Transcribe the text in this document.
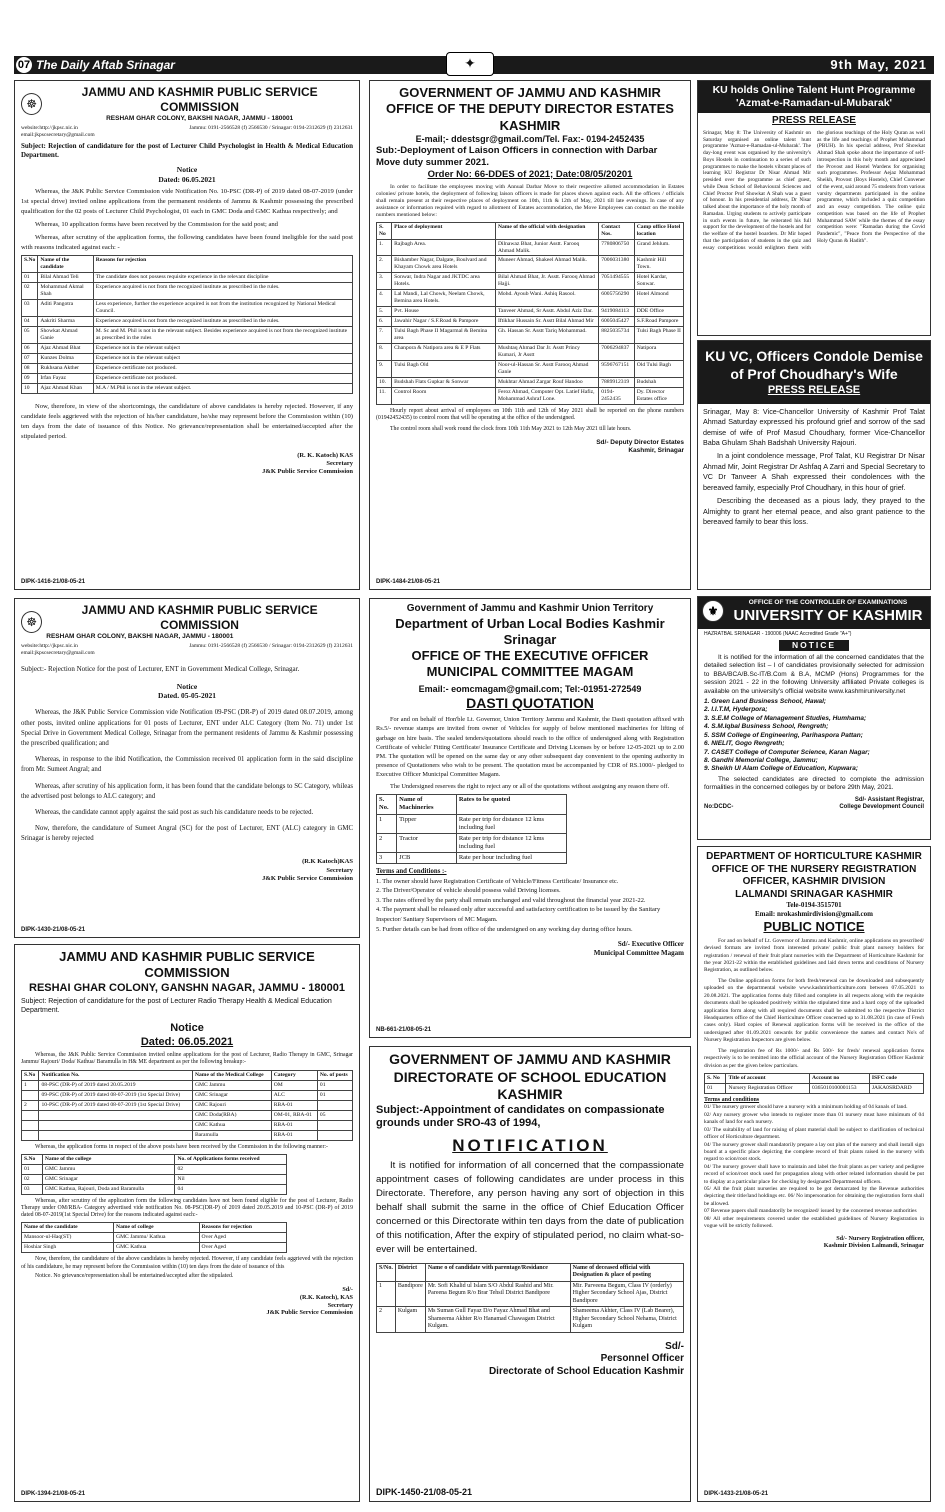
07 The Daily Aftab Srinagar	✦	9th May, 2021
☸
JAMMU AND KASHMIR PUBLIC SERVICE COMMISSION
RESHAM GHAR COLONY, BAKSHI NAGAR, JAMMU - 180001
website:http://jkpsc.nic.in
email:jkpscsecretary@gmail.com
Jammu: 0191-2566528 (f) 2566530 / Srinagar: 0194-2312629 (f) 2312631
Subject: Rejection of candidature for the post of Lecturer Child Psychologist in Health & Medical Education Department.
Notice
Dated: 06.05.2021
Whereas, the J&K Public Service Commission vide Notification No. 10-PSC (DR-P) of 2019 dated 08-07-2019 (under 1st special drive) invited online applications from the permanent residents of Jammu & Kashmir possessing the prescribed qualification for the 02 posts of Lecturer Child Psychologist, 01 each in GMC Doda and GMC Kathua respectively; and
Whereas, 10 application forms have been received by the Commission for the said post; and
Whereas, after scrutiny of the application forms, the following candidates have been found ineligible for the said post with reasons indicated against each: -
S.No	Name of the candidate	Reasons for rejection
01	Bilal Ahmad Teli	The candidate does not possess requisite experience in the relevant discipline
02	Mohammad Akmal Shah	Experience acquired is not from the recognized institute as prescribed in the rules.
03	Aditi Pangotra	Less experience, further the experience acquired is not from the institution recognized by National Medical Council.
04	Aakriti Sharma	Experience acquired is not from the recognized institute as prescribed in the rules.
05	Showkat Ahmad Ganie	M. Sc and M. Phil is not in the relevant subject. Besides experience acquired is not from the recognized institute as prescribed in the rules
06	Ajaz Ahmad Bhat	Experience not in the relevant subject
07	Kunzes Dolma	Experience not in the relevant subject
08	Rukhsana Akther	Experience certificate not produced.
09	Irfan Fayaz	Experience certificate not produced.
10	Ajaz Ahmad Khan	M.A / M.Phil is not in the relevant subject.
Now, therefore, in view of the shortcomings, the candidature of above candidates is hereby rejected. However, if any candidate feels aggrieved with the rejection of his/her candidature, he/she may represent before the Commission within (10) ten days from the date of issuance of this Notice. No grievance/representation shall be entertained/accepted after the stipulated period.
(R. K. Katoch) KAS
Secretary
J&K Public Service Commission
DIPK-1416-21/08-05-21
GOVERNMENT OF JAMMU AND KASHMIR
OFFICE OF THE DEPUTY DIRECTOR ESTATES KASHMIR
E-mail;- ddestsgr@gmail.com/Tel. Fax:- 0194-2452435
Sub:-Deployment of Laison Officers in connection with Darbar Move duty summer 2021.
Order No: 66-DDES of 2021; Date:08/05/20201
In order to facilitate the employees moving with Annual Darbar Move to their respective allotted accommodation in Estates colonies/ private hotels, the deployment of following laison officers is made for places shown against each. All the officers / officials shall remain present at their respective places of deployment on 10th, 11th & 12th of May, 2021 till late evenings. In case of any assistance or information required with regard to allotment of Estates accommodation, the Move Employees can contact on the mobile numbers mentioned below:
S. No	Place of deployment	Name of the official with designation	Contact Nos.	Camp office Hotel location
1.	Rajbagh Area.	Dilnawaz Bhat, Junior Asstt. Farooq Ahmad Malik.	7780806750	Grand Jehlum.
2.	Bishamber Nagar, Dalgate, Boulvard and Khayam Chowk area Hotels	Muneer Ahmad, Shakeel Ahmad Malik.	7006031380	Kashmir Hill Town.
3.	Sonwar, Indra Nagar and JKTDC area Hotels.	Bilal Ahmad Bhat, Jr. Asstt. Farooq Ahmad Hajji.	7051494555	Hotel Kardar, Sonwar.
4.	Lal Mandi, Lal Chowk, Neelam Chowk, Bemina area Hotels.	Mohd. Ayoub Wani. Ashiq Rasool.	6005756290	Hotel Almond
5.	Pvt. House	Tanveer Ahmad, Sr Asstt. Abdul Aziz Dar.	9419084113	DDE Office
6.	Jawahir Nagar / S.F.Road & Pampore	Iftikhar Hussain Sr. Asstt Bilal Ahmad Mir	6005045427	S.F.Road Pampore
7.	Tulsi Bagh Phase II Magarmal & Bemina area	Gh. Hassan Sr. Asstt Tariq Mohammad.	8825035734	Tulsi Bagh Phase II
8.	Chanpora & Natipora area & E P Flats	Mushtaq Ahmad Dar Jr. Asstt Princy Kumari, Jr Asstt	7006294837	Natipora
9.	Tulsi Bagh Old	Noor-ul-Hassan Sr. Asstt Farooq Ahmad Ganie	9596767151	Old Tulsi Bagh
10.	Budshah Flats Gupkar & Sonwar	Mukhtar Ahmad Zargar Rouf Handoo	7889912319	Budshah
11.	Control Room	Feroz Ahmad, Computer Opt. Latief Hafiz, Mohammad Ashraf Lone.	0194-2452435	Dy. Director Estates office
Hourly report about arrival of employees on 10th 11th and 12th of May 2021 shall be reported on the phone numbers (01942452435) to control room that will be operating at the office of the undersigned.
The control room shall work round the clock from 10th 11th May 2021 to 12th May 2021 till late hours.
Sd/- Deputy Director Estates
Kashmir, Srinagar
DIPK-1484-21/08-05-21
KU holds Online Talent Hunt Programme
'Azmat-e-Ramadan-ul-Mubarak'
PRESS RELEASE
Srinagar, May 8: The University of Kashmir on Saturday organised an online talent hunt programme 'Azmat-e-Ramadan-ul-Mubarak'. The day-long event was organised by the university's Boys Hostels in continuation to a series of such programmes to make the hostels vibrant places of learning KU Registrar Dr Nisar Ahmad Mir presided over the programme as chief guest, while Dean School of Behavioural Sciences and Chief Proctor Prof Showkat A Shah was a guest of honour. In his presidential address, Dr Nisar talked about the importance of the holy month of Ramadan. Urging students to actively participate in such events in future, he reiterated his full support for the development of the hostels and for the welfare of the hostel boarders. Dr Mir hoped that the participation of students in the quiz and essay competitions would enlighten them with the glorious teachings of the Holy Quran as well as the life and teachings of Prophet Mohammad (PBUH). In his special address, Prof Showkat Ahmad Shah spoke about the importance of self-introspection in this holy month and appreciated the Provost and Hostel Wardens for organising such programmes. Professor Aejaz Mohammad Sheikh, Provost (Boys Hostels), Chief Convener of the event, said around 75 students from various varsity departments participated in the online programme, which included a quiz competition and an essay competition. The online quiz competition was based on the life of Prophet Muhammad SAW while the themes of the essay competition were: "Ramadan during the Covid Pandemic", "Peace from the Perspective of the Holy Quran & Hadith".
KU VC, Officers Condole Demise
of Prof Choudhary's Wife
PRESS RELEASE
Srinagar, May 8: Vice-Chancellor University of Kashmir Prof Talat Ahmad Saturday expressed his profound grief and sorrow of the sad demise of wife of Prof Masud Choudhary, former Vice-Chancellor Baba Ghulam Shah Badshah University Rajouri.
In a joint condolence message, Prof Talat, KU Registrar Dr Nisar Ahmad Mir, Joint Registrar Dr Ashfaq A Zarri and Special Secretary to VC Dr Tanveer A Shah expressed their condolences with the bereaved family, especially Prof Choudhary, in this hour of grief.
Describing the deceased as a pious lady, they prayed to the Almighty to grant her eternal peace, and also grant patience to the bereaved family to bear this loss.
☸
JAMMU AND KASHMIR PUBLIC SERVICE COMMISSION
RESHAM GHAR COLONY, BAKSHI NAGAR, JAMMU - 180001
website:http://jkpsc.nic.in
email:jkpscsecretary@gmail.com
Jammu: 0191-2566528 (f) 2566530 / Srinagar: 0194-2312629 (f) 2312631
Subject:- Rejection Notice for the post of Lecturer, ENT in Government Medical College, Srinagar.
Notice
Dated. 05-05-2021
Whereas, the J&K Public Service Commission vide Notification 09-PSC (DR-P) of 2019 dated 08.07.2019, among other posts, invited online applications for 01 posts of Lecturer, ENT under ALC Category (Item No. 71) under 1st Special Drive in Government Medical College, Srinagar from the permanent residents of Jammu & Kashmir possessing the prescribed qualification; and
Whereas, in response to the ibid Notification, the Commission received 01 application form in the said discipline from Mr. Sumeet Angral; and
Whereas, after scrutiny of his application form, it has been found that the candidate belongs to SC Category, whileas the advertised post belongs to ALC category; and
Whereas, the candidate cannot apply against the said post as such his candidature needs to be rejected.
Now, therefore, the candidature of Sumeet Angral (SC) for the post of Lecturer, ENT (ALC) category in GMC Srinagar is hereby rejected
(R.K Katoch)KAS
Secretary
J&K Public Service Commission
DIPK-1430-21/08-05-21
Government of Jammu and Kashmir Union Territory
Department of Urban Local Bodies Kashmir Srinagar
OFFICE OF THE EXECUTIVE OFFICER MUNICIPAL COMMITTEE MAGAM
Email:- eomcmagam@gmail.com; Tel:-01951-272549
DASTI QUOTATION
For and on behalf of Hon'ble Lt. Governor, Union Territory Jammu and Kashmir, the Dasti quotation affixed with Rs.5/- revenue stamps are invited from owner of Vehicles for supply of below mentioned machineries for lifting of garbage on hire basis. The sealed tenders/quotations should reach to the office of undersigned along with Registration Certificate of vehicle/ Fitting Certificate/ Insurance Certificate and Driving Licenses by or before 12-05-2021 up to 2.00 PM. The quotation will be opened on the same day or any other subsequent day convenient to the opening authority in presence of Quotationers who wish to be present. The quotation must be accompanied by CDR of RS.1000/- pledged to Executive Officer Municipal Committee Magam.
The Undersigned reserves the right to reject any or all of the quotations without assigning any reason there off.
S. No.	Name of Machineries	Rates to be quoted
1	Tipper	Rate per trip for distance 12 kms including fuel
2	Tractor	Rate per trip for distance 12 kms including fuel
3	JCB	Rate per hour including fuel
Terms and Conditions :-
1. The owner should have Registration Certificate of Vehicle/Fitness Certificate/ Insurance etc.
2. The Driver/Operator of vehicle should possess valid Driving licenses.
3. The rates offered by the party shall remain unchanged and valid throughout the financial year 2021-22.
4. The payment shall be released only after successful and satisfactory certification to be issued by the Sanitary Inspector/ Sanitary Supervisors of MC Magam.
5. Further details can be had from office of the undersigned on any working day during office hours.
Sd/- Executive Officer
Municipal Committee Magam
NB-661-21/08-05-21
⚜
OFFICE OF THE CONTROLLER OF EXAMINATIONS
UNIVERSITY OF KASHMIR
HAZRATBAL SRINAGAR - 190006 (NAAC Accredited Grade "A+")
NOTICE
It is notified for the information of all the concerned candidates that the detailed selection list – I of candidates provisionally selected for admission to BBA/BCA/B.Sc-IT/B.Com & B.A, MCMP (Hons) Programmes for the session 2021 - 22 in the following University affiliated Private colleges is available on the university's official website www.kashmiruniversity.net
1. Green Land Business School, Hawal;
2. I.I.T.M, Hyderpora;
3. S.E.M College of Management Studies, Humhama;
4. S.M.Iqbal Business School, Rengreth;
5. SSM College of Engineering, Parihaspora Pattan;
6. NIELIT, Gogo Rengreth;
7. CASET College of Computer Science, Karan Nagar;
8. Gandhi Memorial College, Jammu;
9. Sheikh Ul Alam College of Education, Kupwara;
The selected candidates are directed to complete the admission formalities in the concerned colleges by or before 29th May, 2021.
Sd/- Assistant Registrar,
No:DCDC-	College Development Council
DEPARTMENT OF HORTICULTURE KASHMIR
OFFICE OF THE NURSERY REGISTRATION OFFICER, KASHMIR DIVISION
LALMANDI SRINAGAR KASHMIR
Tele-0194-3515701
Email: nrokashmirdivision@gmail.com
PUBLIC NOTICE
For and on behalf of Lt. Governor of Jammu and Kashmir, online applications on prescribed/ devised formats are invited from interested private/ public fruit plant nursery holders for registration / renewal of their fruit plant nurseries with the Department of Horticulture Kashmir for the year 2021-22 within the established guidelines and laid down terms and conditions of Nursery Registration, as outlined below.
The Online application forms for both fresh/renewal can be downloaded and subsequently uploaded on the departmental website www.kashmirhorticulture.com between 07.05.2021 to 20.08.2021. The application forms duly filled and complete in all respects along with the requisite documents shall be uploaded positively within the stipulated time and a hard copy of the uploaded application form along with all required documents shall be submitted to the respective District Headquarters office of the Chief Horticulture Officer concerned up to 31.08.2021 (in case of Fresh cases only). Hard copies of Renewal application forms will be received in the office of the undersigned after 01.09.2021 onwards for public convenience the names and contact No's of Nursery Registration Inspectors are given below.
The registration fee of Rs 1000/- and Rs 500/- for fresh/ renewal application forms respectively is to be remitted into the official account of the Nursery Registration Officer Kashmir division as per the given below particulars.
S. No	Title of account	Account no	ISFC code
01	Nursery Registration Officer	0365010100001153	JAKA0SRDARD
Terms and conditions
01/ The nursery grower should have a nursery with a minimum holding of 04 kanals of land.
02/ Any nursery grower who intends to register more than 01 nursery must have minimum of 04 kanals of land for each nursery.
03/ The suitability of land for raising of plant material shall be subject to clarification of technical officer of Horticulture department.
04/ The nursery grower shall mandatorily prepare a lay out plan of the nursery and shall install sign board at a specific place depicting the complete record of fruit plants raised in the nursery with regard to scion/root stock.
04/ The nursery grower shall have to maintain and label the fruit plants as per variety and pedigree record of scion/root stock used for propagation along with other related information should be put to display at a particular place for checking by designated Departmental officers.
05/ All the fruit plant nurseries are required to be got demarcated by the Revenue authorities depicting their title/land holdings etc. 06/ No impersonation for obtaining the registration form shall be allowed.
07 Revenue papers shall mandatorily be recognized/ issued by the concerned revenue authorities
08/ All other requirements covered under the established guidelines of Nursery Registration in vogue will be strictly followed.
Sd/- Nursery Registration officer,
Kashmir Division Lalmandi, Srinagar
DIPK-1433-21/08-05-21
JAMMU AND KASHMIR PUBLIC SERVICE COMMISSION
RESHAI GHAR COLONY, GANSHN NAGAR, JAMMU - 180001
Subject: Rejection of candidature for the post of Lecturer Radio Therapy Health & Medical Education Department.
Notice
Dated: 06.05.2021
Whereas, the J&K Public Service Commission invited online applications for the post of Lecturer, Radio Therapy in GMC, Srinagar Jammu/ Rajouri/ Doda/ Kathua/ Baramulla in H& ME department as per the following breakup:-
S.No	Notification No.	Name of the Medical College	Category	No. of posts
1	08-PSC (DR-P) of 2019 dated 20.05.2019	GMC Jammu	OM	01
	09-PSC (DR-P) of 2019 dated 08-07-2019 (1st Special Drive)	GMC Srinagar	ALC	01
2	10-PSC (DR-P) of 2019 dated 08-07-2019 (1st Special Drive)	GMC Rajouri	RBA-01	
		GMC Doda(RBA)	OM-01, RBA-01	05
		GMC Kathua	RBA-01	
		Baramulla	RBA-01	
Whereas, the application forms in respect of the above posts have been received by the Commission in the following manner:-
S.No	Name of the college	No. of Applications forms received
01	GMC Jammu	02
02	GMC Srinagar	Nil
03	GMC Kathua, Rajouri, Doda and Baramulla	04
Whereas, after scrutiny of the application form the following candidates have not been found eligible for the post of Lecturer, Radio Therapy under OM/RBA- Category advertised vide notification No. 08-PSC(DR-P) of 2019 dated 20.05.2019 and 10-PSC (DR-P) of 2019 dated 08-07-2019(1st Special Drive) for the reasons indicated against each:-
Name of the candidate	Name of college	Reasons for rejection
Mansoor-ul-Haq(ST)	GMC Jammu/ Kathua	Over Aged
Hoshiar Singh	GMC Kathua	Over Aged
Now, therefore, the candidature of the above candidates is hereby rejected. However, if any candidate feels aggrieved with the rejection of his candidature, he may represent before the Commission within (10) ten days from the date of issuance of this
Notice. No grievance/representation shall be entertained/accepted after the stipulated.
Sd/-
(R.K. Katoch), KAS
Secretary
J&K Public Service Commission
DIPK-1394-21/08-05-21
GOVERNMENT OF JAMMU AND KASHMIR
DIRECTORATE OF SCHOOL EDUCATION KASHMIR
Subject:-Appointment of candidates on compassionate grounds under SRO-43 of 1994,
NOTIFICATION
It is notified for information of all concerned that the compassionate appointment cases of following candidates are under process in this Directorate. Therefore, any person having any sort of objection in this behalf shall submit the same in the office of Chief Education Officer concerned or this Directorate within ten days from the date of publication of this notification, After the expiry of stipulated period, no claim what-so-ever will be entertained.
S/No.	District	Name o of candidate with parentage/Residance	Name of deceased official with Designation & place of posting
1	Bandipore	Mr. Sofi Khalid ul Islam S/O Abdul Rashid and Mir. Pareena Begum R/o Brar Tehsil District Bandipore	Mir. Parveena Begum, Class IV (orderly) Higher Secondary School Ajas, District Bandipore
2	Kulgam	Ms Suman Gull Fayaz D/o Fayaz Ahmad Bhat and Shameema Akhter R/o Hanamad Chawagam District Kulgam.	Shameema Akhter, Class IV (Lab Bearer), Higher Secondary School Nehama, District Kulgam
Sd/-
Personnel Officer
Directorate of School Education Kashmir
DIPK-1450-21/08-05-21
